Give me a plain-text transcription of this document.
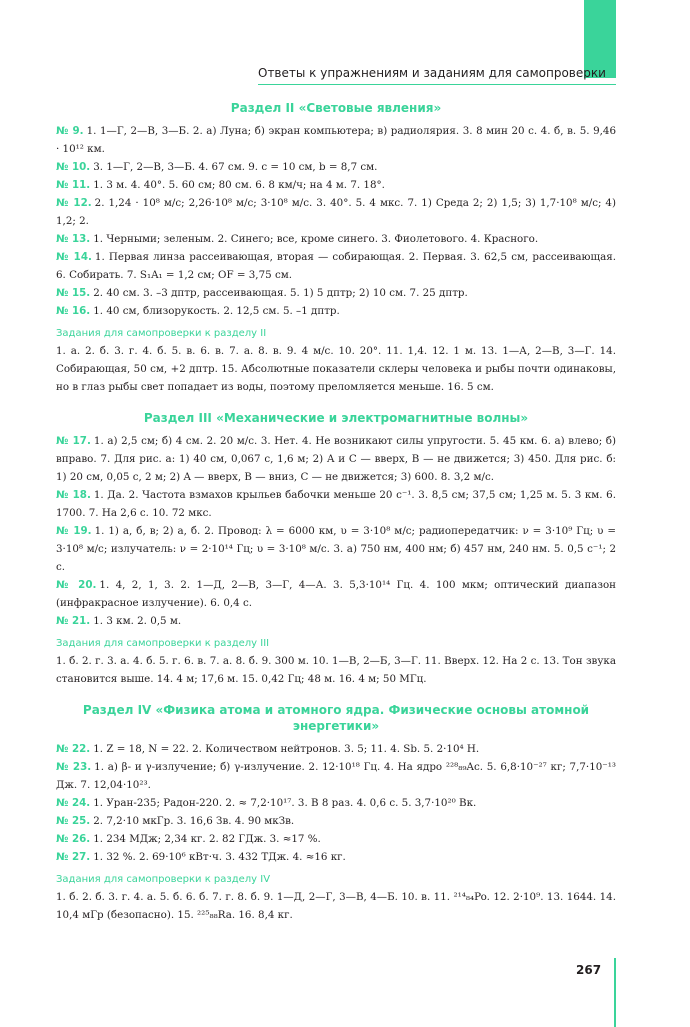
Ответы к упражнениям и заданиям для самопроверки

Раздел II «Световые явления»

№ 9. 1. 1—Г, 2—В, 3—Б. 2. а) Луна; б) экран компьютера; в) радиолярия. 3. 8 мин 20 с. 4. б, в. 5. 9,46 · 10¹² км.

№ 10. 3. 1—Г, 2—В, 3—Б. 4. 67 см. 9. c = 10 см, b = 8,7 см.

№ 11. 1. 3 м. 4. 40°. 5. 60 см; 80 см. 6. 8 км/ч; на 4 м. 7. 18°.

№ 12. 2. 1,24 · 10⁸ м/с; 2,26·10⁸ м/с; 3·10⁸ м/с. 3. 40°. 5. 4 мкс. 7. 1) Среда 2; 2) 1,5; 3) 1,7·10⁸ м/с; 4) 1,2; 2.

№ 13. 1. Черными; зеленым. 2. Синего; все, кроме синего. 3. Фиолетового. 4. Красного.

№ 14. 1. Первая линза рассеивающая, вторая — собирающая. 2. Первая. 3. 62,5 см, рассеивающая. 6. Собирать. 7. S₁A₁ = 1,2 см; OF = 3,75 см.

№ 15. 2. 40 см. 3. –3 дптр, рассеивающая. 5. 1) 5 дптр; 2) 10 см. 7. 25 дптр.

№ 16. 1. 40 см, близорукость. 2. 12,5 см. 5. –1 дптр.

Задания для самопроверки к разделу II

1. а. 2. б. 3. г. 4. б. 5. в. 6. в. 7. а. 8. в. 9. 4 м/с. 10. 20°. 11. 1,4. 12. 1 м. 13. 1—А, 2—В, 3—Г. 14. Собирающая, 50 см, +2 дптр. 15. Абсолютные показатели склеры человека и рыбы почти одинаковы, но в глаз рыбы свет попадает из воды, поэтому преломляется меньше. 16. 5 см.

Раздел III «Механические и электромагнитные волны»

№ 17. 1. а) 2,5 см; б) 4 см. 2. 20 м/с. 3. Нет. 4. Не возникают силы упругости. 5. 45 км. 6. а) влево; б) вправо. 7. Для рис. а: 1) 40 см, 0,067 с, 1,6 м; 2) A и C — вверх, B — не движется; 3) 450. Для рис. б: 1) 20 см, 0,05 с, 2 м; 2) A — вверх, B — вниз, C — не движется; 3) 600. 8. 3,2 м/с.

№ 18. 1. Да. 2. Частота взмахов крыльев бабочки меньше 20 с⁻¹. 3. 8,5 см; 37,5 см; 1,25 м. 5. 3 км. 6. 1700. 7. На 2,6 с. 10. 72 мкс.

№ 19. 1. 1) а, б, в; 2) а, б. 2. Провод: λ = 6000 км, υ = 3·10⁸ м/с; радиопередатчик: ν = 3·10⁹ Гц; υ = 3·10⁸ м/с; излучатель: ν = 2·10¹⁴ Гц; υ = 3·10⁸ м/с. 3. а) 750 нм, 400 нм; б) 457 нм, 240 нм. 5. 0,5 с⁻¹; 2 с.

№ 20. 1. 4, 2, 1, 3. 2. 1—Д, 2—В, 3—Г, 4—А. 3. 5,3·10¹⁴ Гц. 4. 100 мкм; оптический диапазон (инфракрасное излучение). 6. 0,4 с.

№ 21. 1. 3 км. 2. 0,5 м.

Задания для самопроверки к разделу III

1. б. 2. г. 3. а. 4. б. 5. г. 6. в. 7. а. 8. б. 9. 300 м. 10. 1—В, 2—Б, 3—Г. 11. Вверх. 12. На 2 с. 13. Тон звука становится выше. 14. 4 м; 17,6 м. 15. 0,42 Гц; 48 м. 16. 4 м; 50 МГц.

Раздел IV «Физика атома и атомного ядра. Физические основы атомной энергетики»

№ 22. 1. Z = 18, N = 22. 2. Количеством нейтронов. 3. 5; 11. 4. Sb. 5. 2·10⁴ Н.

№ 23. 1. а) β- и γ-излучение; б) γ-излучение. 2. 12·10¹⁸ Гц. 4. На ядро ²²⁸₈₉Ac. 5. 6,8·10⁻²⁷ кг; 7,7·10⁻¹³ Дж. 7. 12,04·10²³.

№ 24. 1. Уран-235; Радон-220. 2. ≈ 7,2·10¹⁷. 3. В 8 раз. 4. 0,6 с. 5. 3,7·10²⁰ Вк.

№ 25. 2. 7,2·10 мкГр. 3. 16,6 Зв. 4. 90 мкЗв.

№ 26. 1. 234 МДж; 2,34 кг. 2. 82 ГДж. 3. ≈17 %.

№ 27. 1. 32 %. 2. 69·10⁶ кВт·ч. 3. 432 ТДж. 4. ≈16 кг.

Задания для самопроверки к разделу IV

1. б. 2. б. 3. г. 4. а. 5. б. 6. б. 7. г. 8. б. 9. 1—Д, 2—Г, 3—В, 4—Б. 10. в. 11. ²¹⁴₈₄Po. 12. 2·10⁹. 13. 1644. 14. 10,4 мГр (безопасно). 15. ²²⁵₈₈Ra. 16. 8,4 кг.

267
